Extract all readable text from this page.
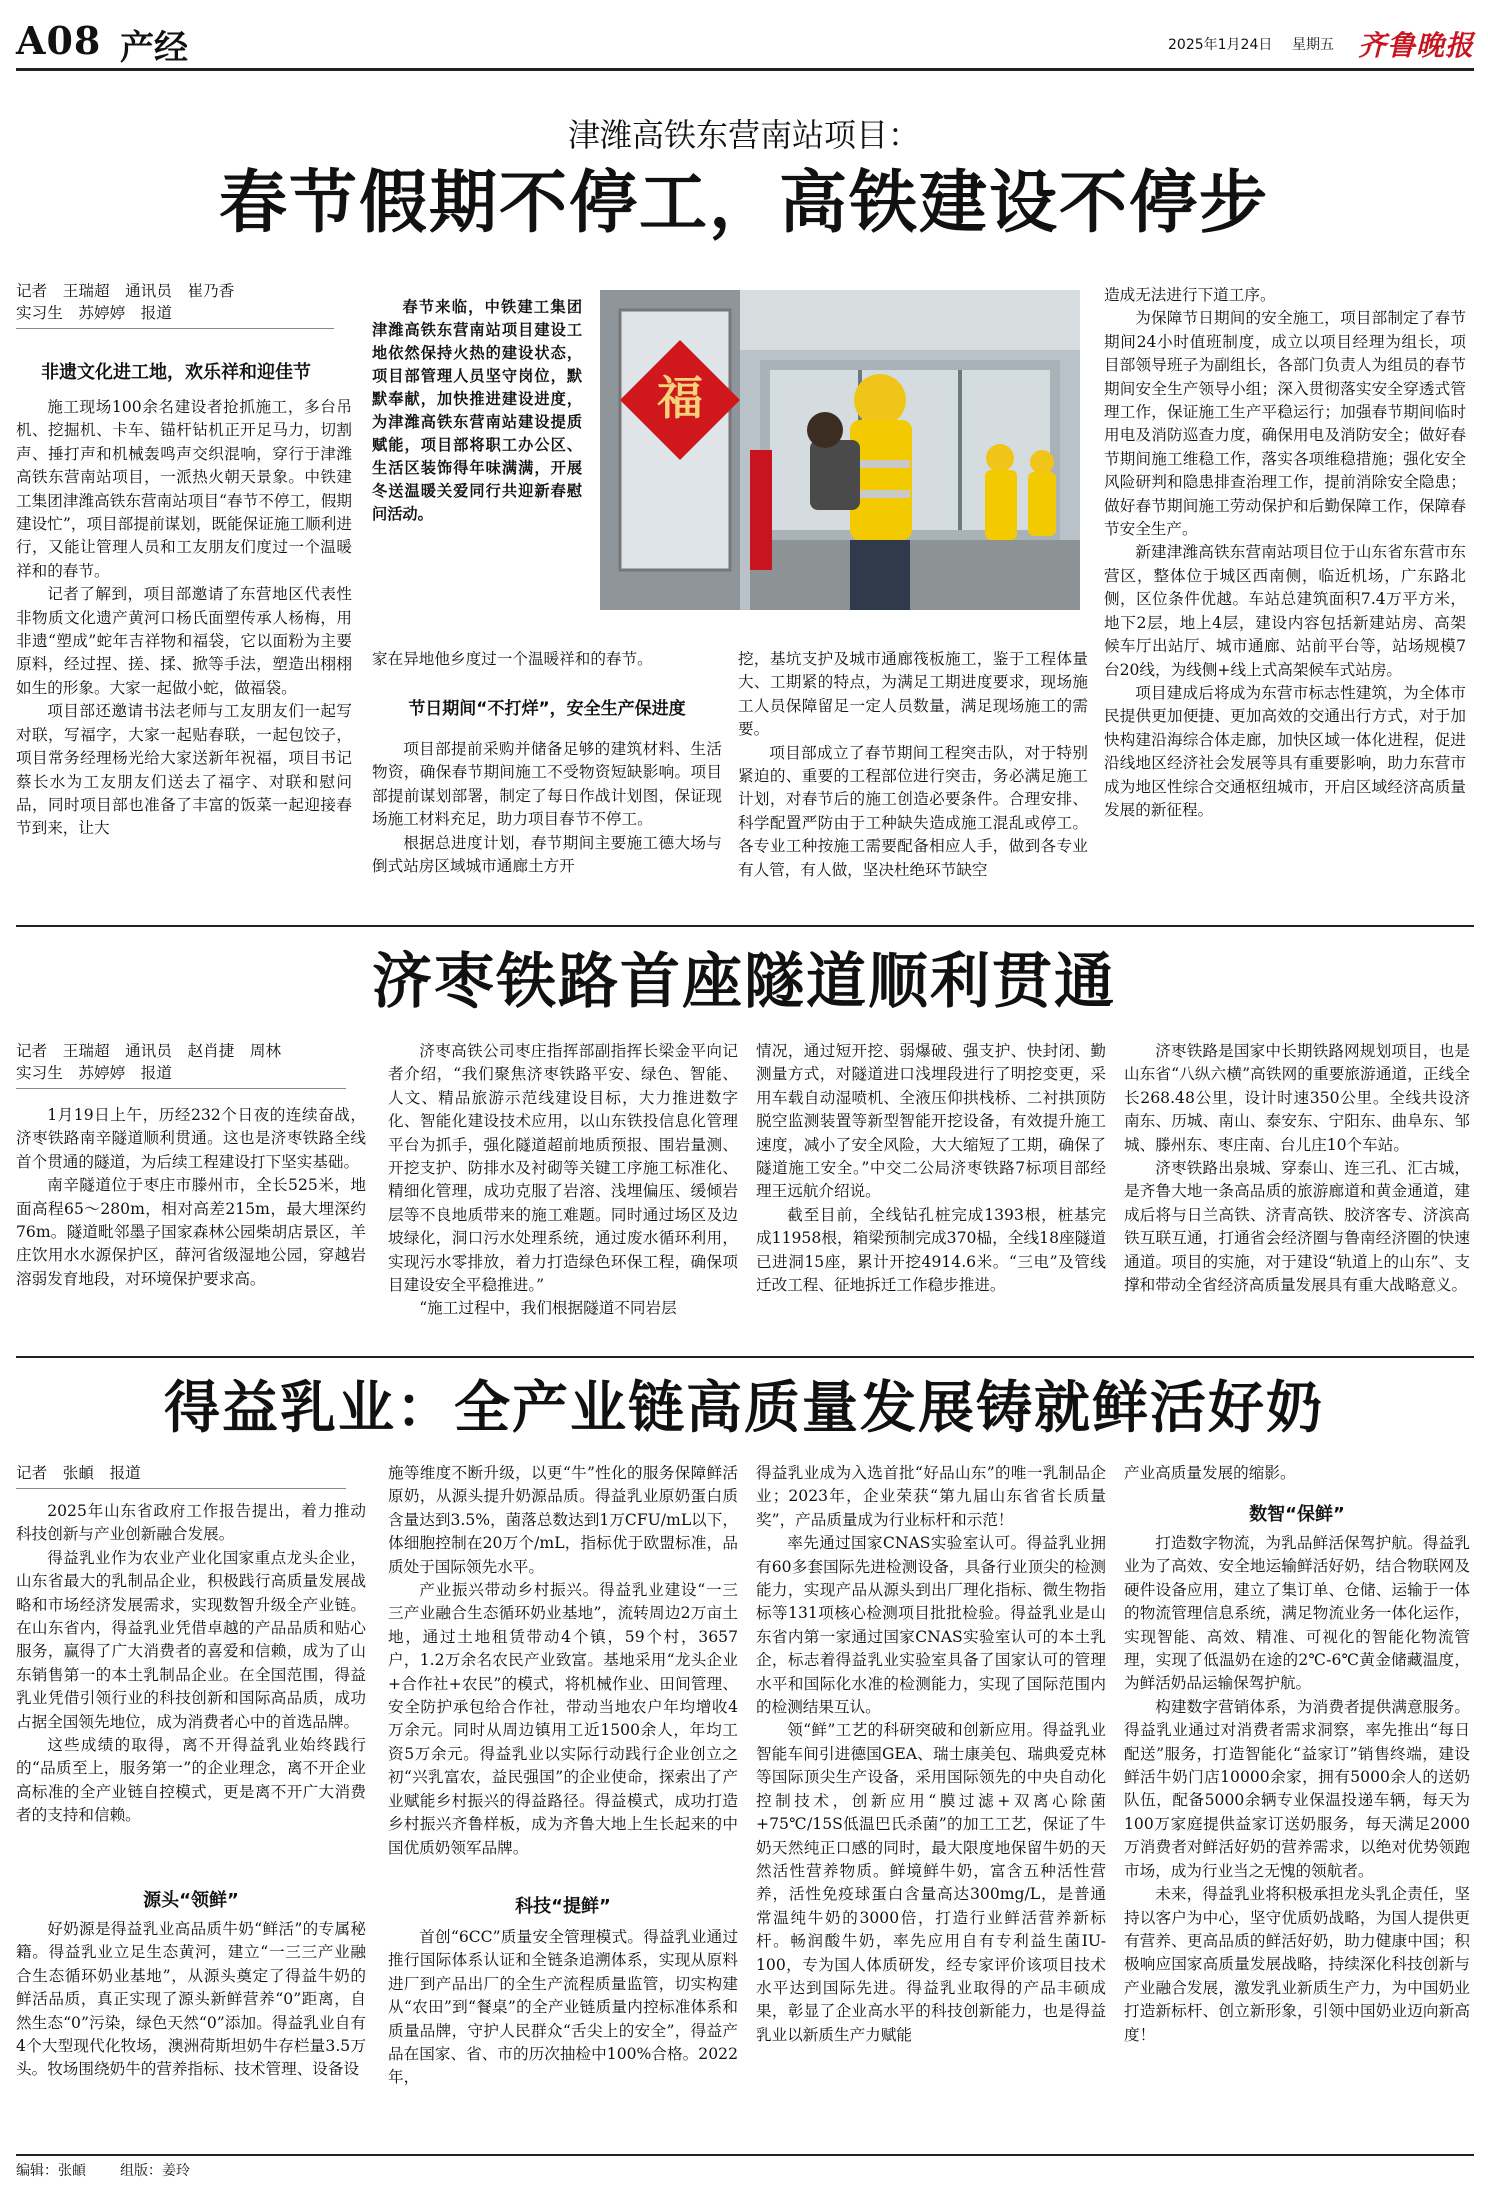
A08 产经	2025年1月24日 星期五 齐鲁晚报
津潍高铁东营南站项目：
春节假期不停工，高铁建设不停步
记者　王瑞超　通讯员　崔乃香
实习生　苏婷婷　报道
非遗文化进工地，欢乐祥和迎佳节

施工现场100余名建设者抢抓施工，多台吊机、挖掘机、卡车、锚杆钻机正开足马力，切割声、捶打声和机械轰鸣声交织混响，穿行于津潍高铁东营南站项目，一派热火朝天景象。中铁建工集团津潍高铁东营南站项目“春节不停工，假期建设忙”，项目部提前谋划，既能保证施工顺利进行，又能让管理人员和工友朋友们度过一个温暖祥和的春节。

记者了解到，项目部邀请了东营地区代表性非物质文化遗产黄河口杨氏面塑传承人杨梅，用非遗“塑成”蛇年吉祥物和福袋，它以面粉为主要原料，经过捏、搓、揉、掀等手法，塑造出栩栩如生的形象。大家一起做小蛇，做福袋。

项目部还邀请书法老师与工友朋友们一起写对联，写福字，大家一起贴春联，一起包饺子，项目常务经理杨光给大家送新年祝福，项目书记蔡长水为工友朋友们送去了福字、对联和慰问品，同时项目部也准备了丰富的饭菜一起迎接春节到来，让大

春节来临，中铁建工集团津潍高铁东营南站项目建设工地依然保持火热的建设状态，项目部管理人员坚守岗位，默默奉献，加快推进建设进度，为津潍高铁东营南站建设提质赋能，项目部将职工办公区、生活区装饰得年味满满，开展冬送温暖关爱同行共迎新春慰问活动。

福

家在异地他乡度过一个温暖祥和的春节。

节日期间“不打烊”，安全生产保进度

项目部提前采购并储备足够的建筑材料、生活物资，确保春节期间施工不受物资短缺影响。项目部提前谋划部署，制定了每日作战计划图，保证现场施工材料充足，助力项目春节不停工。

根据总进度计划，春节期间主要施工德大场与倒式站房区域城市通廊土方开

挖，基坑支护及城市通廊筏板施工，鉴于工程体量大、工期紧的特点，为满足工期进度要求，现场施工人员保障留足一定人员数量，满足现场施工的需要。

项目部成立了春节期间工程突击队，对于特别紧迫的、重要的工程部位进行突击，务必满足施工计划，对春节后的施工创造必要条件。合理安排、科学配置严防由于工种缺失造成施工混乱或停工。各专业工种按施工需要配备相应人手，做到各专业有人管，有人做，坚决杜绝环节缺空

造成无法进行下道工序。

为保障节日期间的安全施工，项目部制定了春节期间24小时值班制度，成立以项目经理为组长，项目部领导班子为副组长，各部门负责人为组员的春节期间安全生产领导小组；深入贯彻落实安全穿透式管理工作，保证施工生产平稳运行；加强春节期间临时用电及消防巡查力度，确保用电及消防安全；做好春节期间施工维稳工作，落实各项维稳措施；强化安全风险研判和隐患排查治理工作，提前消除安全隐患；做好春节期间施工劳动保护和后勤保障工作，保障春节安全生产。

新建津潍高铁东营南站项目位于山东省东营市东营区，整体位于城区西南侧，临近机场，广东路北侧，区位条件优越。车站总建筑面积7.4万平方米，地下2层，地上4层，建设内容包括新建站房、高架候车厅出站厅、城市通廊、站前平台等，站场规模7台20线，为线侧+线上式高架候车式站房。

项目建成后将成为东营市标志性建筑，为全体市民提供更加便捷、更加高效的交通出行方式，对于加快构建沿海综合体走廊，加快区域一体化进程，促进沿线地区经济社会发展等具有重要影响，助力东营市成为地区性综合交通枢纽城市，开启区域经济高质量发展的新征程。

济枣铁路首座隧道顺利贯通
记者　王瑞超　通讯员　赵肖捷　周林
实习生　苏婷婷　报道

1月19日上午，历经232个日夜的连续奋战，济枣铁路南辛隧道顺利贯通。这也是济枣铁路全线首个贯通的隧道，为后续工程建设打下坚实基础。

南辛隧道位于枣庄市滕州市，全长525米，地面高程65～280m，相对高差215m，最大埋深约76m。隧道毗邻墨子国家森林公园柴胡店景区，羊庄饮用水水源保护区，薛河省级湿地公园，穿越岩溶弱发育地段，对环境保护要求高。

济枣高铁公司枣庄指挥部副指挥长梁金平向记者介绍，“我们聚焦济枣铁路平安、绿色、智能、人文、精品旅游示范线建设目标，大力推进数字化、智能化建设技术应用，以山东铁投信息化管理平台为抓手，强化隧道超前地质预报、围岩量测、开挖支护、防排水及衬砌等关键工序施工标准化、精细化管理，成功克服了岩溶、浅埋偏压、缓倾岩层等不良地质带来的施工难题。同时通过场区及边坡绿化，洞口污水处理系统，通过废水循环利用，实现污水零排放，着力打造绿色环保工程，确保项目建设安全平稳推进。”

“施工过程中，我们根据隧道不同岩层

情况，通过短开挖、弱爆破、强支护、快封闭、勤测量方式，对隧道进口浅埋段进行了明挖变更，采用车载自动湿喷机、全液压仰拱栈桥、二衬拱顶防脱空监测装置等新型智能开挖设备，有效提升施工速度，减小了安全风险，大大缩短了工期，确保了隧道施工安全。”中交二公局济枣铁路7标项目部经理王远航介绍说。

截至目前，全线钻孔桩完成1393根，桩基完成11958根，箱梁预制完成370榀，全线18座隧道已进洞15座，累计开挖4914.6米。“三电”及管线迁改工程、征地拆迁工作稳步推进。

济枣铁路是国家中长期铁路网规划项目，也是山东省“八纵六横”高铁网的重要旅游通道，正线全长268.48公里，设计时速350公里。全线共设济南东、历城、南山、泰安东、宁阳东、曲阜东、邹城、滕州东、枣庄南、台儿庄10个车站。

济枣铁路出泉城、穿泰山、连三孔、汇古城，是齐鲁大地一条高品质的旅游廊道和黄金通道，建成后将与日兰高铁、济青高铁、胶济客专、济滨高铁互联互通，打通省会经济圈与鲁南经济圈的快速通道。项目的实施，对于建设“轨道上的山东”、支撑和带动全省经济高质量发展具有重大战略意义。

得益乳业：全产业链高质量发展铸就鲜活好奶
记者　张頔　报道

2025年山东省政府工作报告提出，着力推动科技创新与产业创新融合发展。

得益乳业作为农业产业化国家重点龙头企业，山东省最大的乳制品企业，积极践行高质量发展战略和市场经济发展需求，实现数智升级全产业链。在山东省内，得益乳业凭借卓越的产品品质和贴心服务，赢得了广大消费者的喜爱和信赖，成为了山东销售第一的本土乳制品企业。在全国范围，得益乳业凭借引领行业的科技创新和国际高品质，成功占据全国领先地位，成为消费者心中的首选品牌。

这些成绩的取得，离不开得益乳业始终践行的“品质至上，服务第一”的企业理念，离不开企业高标准的全产业链自控模式，更是离不开广大消费者的支持和信赖。

源头“领鲜”

好奶源是得益乳业高品质牛奶“鲜活”的专属秘籍。得益乳业立足生态黄河，建立“一三三产业融合生态循环奶业基地”，从源头奠定了得益牛奶的鲜活品质，真正实现了源头新鲜营养“0”距离，自然生态“0”污染，绿色天然“0”添加。得益乳业自有4个大型现代化牧场，澳洲荷斯坦奶牛存栏量3.5万头。牧场围绕奶牛的营养指标、技术管理、设备设

施等维度不断升级，以更“牛”性化的服务保障鲜活原奶，从源头提升奶源品质。得益乳业原奶蛋白质含量达到3.5%，菌落总数达到1万CFU/mL以下，体细胞控制在20万个/mL，指标优于欧盟标准，品质处于国际领先水平。

产业振兴带动乡村振兴。得益乳业建设“一三三产业融合生态循环奶业基地”，流转周边2万亩土地，通过土地租赁带动4个镇，59个村，3657户，1.2万余名农民产业致富。基地采用“龙头企业+合作社+农民”的模式，将机械作业、田间管理、安全防护承包给合作社，带动当地农户年均增收4万余元。同时从周边镇用工近1500余人，年均工资5万余元。得益乳业以实际行动践行企业创立之初“兴乳富农，益民强国”的企业使命，探索出了产业赋能乡村振兴的得益路径。得益模式，成功打造乡村振兴齐鲁样板，成为齐鲁大地上生长起来的中国优质奶领军品牌。

科技“提鲜”

首创“6CC”质量安全管理模式。得益乳业通过推行国际体系认证和全链条追溯体系，实现从原料进厂到产品出厂的全生产流程质量监管，切实构建从“农田”到“餐桌”的全产业链质量内控标准体系和质量品牌，守护人民群众“舌尖上的安全”，得益产品在国家、省、市的历次抽检中100%合格。2022年，

得益乳业成为入选首批“好品山东”的唯一乳制品企业；2023年，企业荣获“第九届山东省省长质量奖”，产品质量成为行业标杆和示范！

率先通过国家CNAS实验室认可。得益乳业拥有60多套国际先进检测设备，具备行业顶尖的检测能力，实现产品从源头到出厂理化指标、微生物指标等131项核心检测项目批批检验。得益乳业是山东省内第一家通过国家CNAS实验室认可的本土乳企，标志着得益乳业实验室具备了国家认可的管理水平和国际化水准的检测能力，实现了国际范围内的检测结果互认。

领“鲜”工艺的科研突破和创新应用。得益乳业智能车间引进德国GEA、瑞士康美包、瑞典爱克林等国际顶尖生产设备，采用国际领先的中央自动化控制技术，创新应用“膜过滤+双离心除菌+75℃/15S低温巴氏杀菌”的加工工艺，保证了牛奶天然纯正口感的同时，最大限度地保留牛奶的天然活性营养物质。鲜境鲜牛奶，富含五种活性营养，活性免疫球蛋白含量高达300mg/L，是普通常温纯牛奶的3000倍，打造行业鲜活营养新标杆。畅润酸牛奶，率先应用自有专利益生菌IU-100，专为国人体质研发，经专家评价该项目技术水平达到国际先进。得益乳业取得的产品丰硕成果，彰显了企业高水平的科技创新能力，也是得益乳业以新质生产力赋能

产业高质量发展的缩影。

数智“保鲜”

打造数字物流，为乳品鲜活保驾护航。得益乳业为了高效、安全地运输鲜活好奶，结合物联网及硬件设备应用，建立了集订单、仓储、运输于一体的物流管理信息系统，满足物流业务一体化运作，实现智能、高效、精准、可视化的智能化物流管理，实现了低温奶在途的2℃-6℃黄金储藏温度，为鲜活奶品运输保驾护航。

构建数字营销体系，为消费者提供满意服务。得益乳业通过对消费者需求洞察，率先推出“每日配送”服务，打造智能化“益家订”销售终端，建设鲜活牛奶门店10000余家，拥有5000余人的送奶队伍，配备5000余辆专业保温投递车辆，每天为100万家庭提供益家订送奶服务，每天满足2000万消费者对鲜活好奶的营养需求，以绝对优势领跑市场，成为行业当之无愧的领航者。

未来，得益乳业将积极承担龙头乳企责任，坚持以客户为中心，坚守优质奶战略，为国人提供更有营养、更高品质的鲜活好奶，助力健康中国；积极响应国家高质量发展战略，持续深化科技创新与产业融合发展，激发乳业新质生产力，为中国奶业打造新标杆、创立新形象，引领中国奶业迈向新高度！

编辑：张頔 组版：姜玲
